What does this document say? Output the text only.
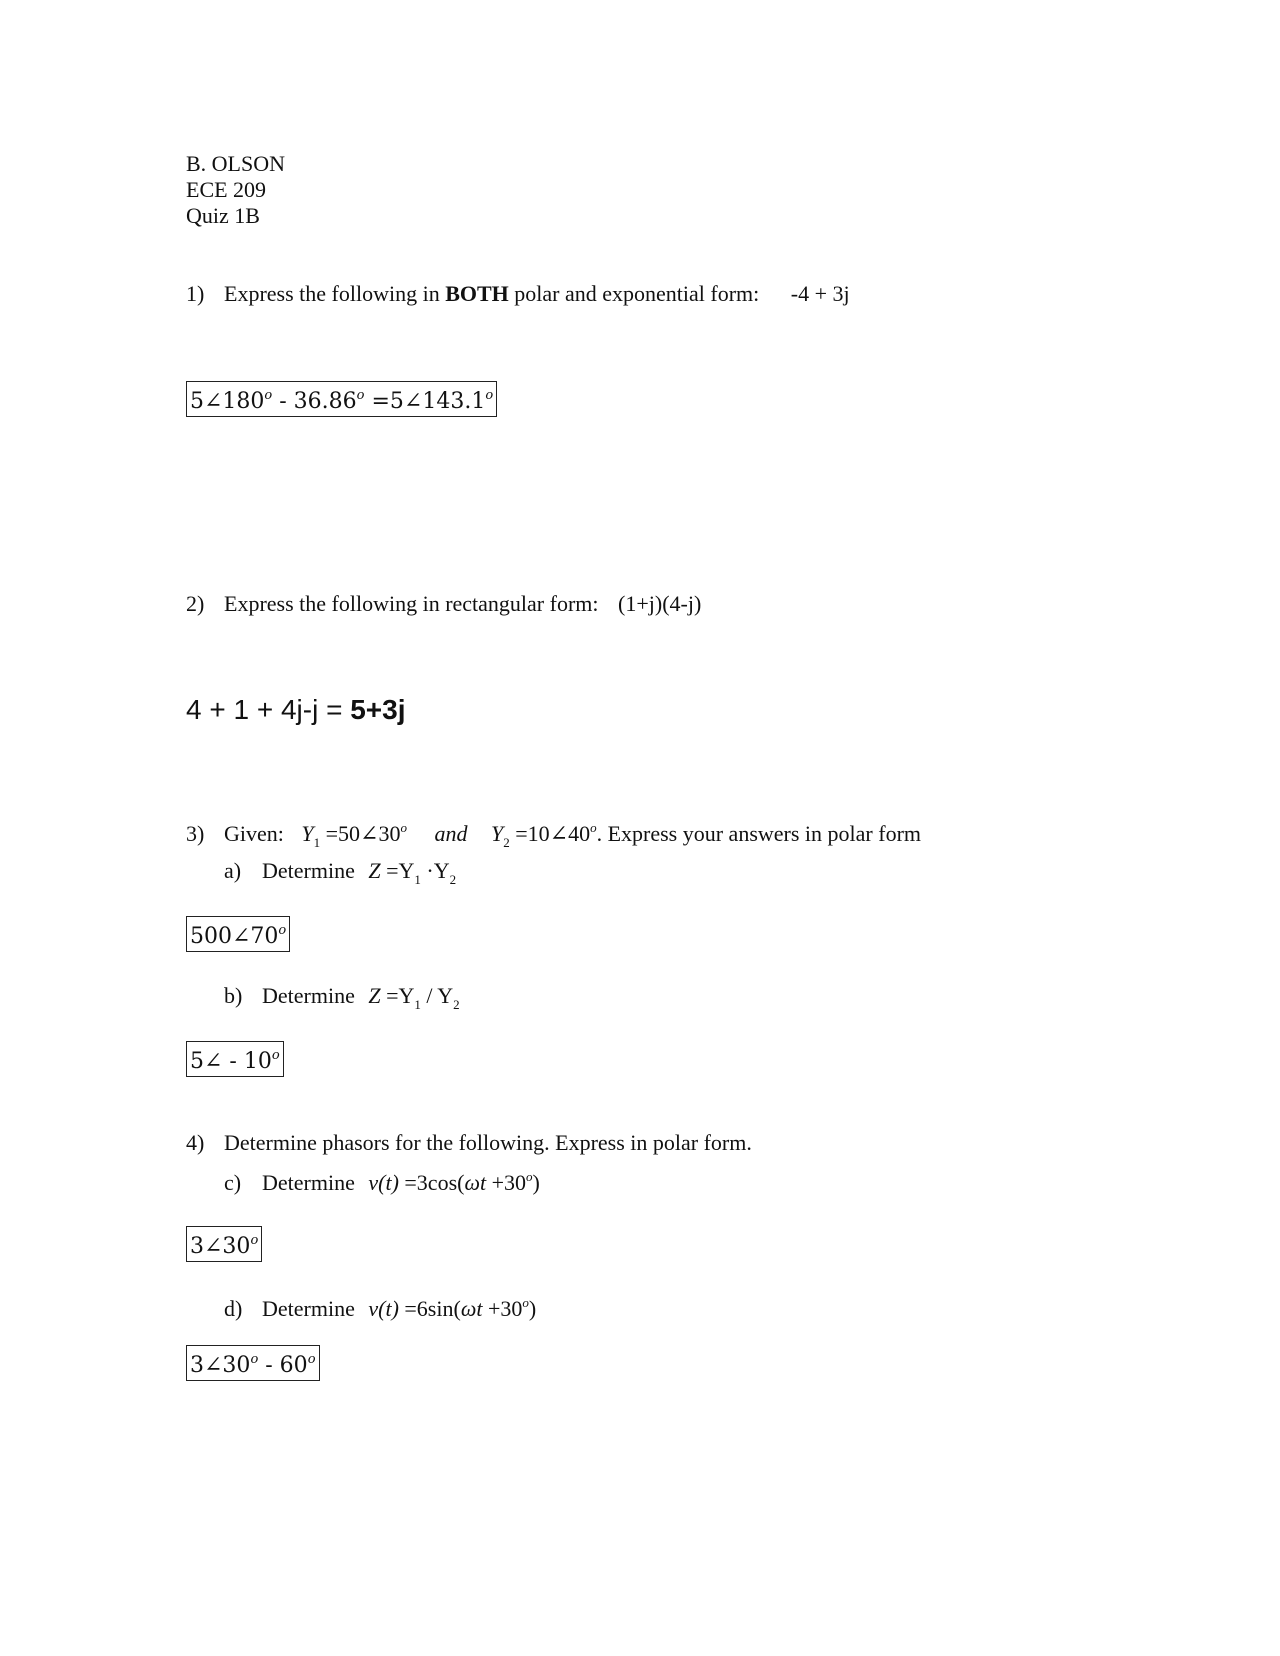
B. OLSON
ECE 209
Quiz 1B
1) Express the following in BOTH polar and exponential form: -4 + 3j
5∠180$^o$ - $36.86^o$ $=5\angle 143.1^o$
2) Express the following in rectangular form: (1+j)(4-j)
4 + 1 + 4j-j = 5+3j
3) Given: $Y_1$ $=50\angle 30^o$ and $Y_2$ $=10\angle 40^o$. Express your answers in polar form
a) Determine $Z =Y_1 \cdot Y_2$
500∠70$^o$
b) Determine $Z =Y_1 / Y_2$
5∠ - 10$^o$
4) Determine phasors for the following. Express in polar form.
c) Determine $v(t) =3\cos(\omega t +30^o)$
3∠30$^o$
d) Determine $v(t) =6\sin(\omega t +30^o)$
3∠30$^o$ - 60$^o$
